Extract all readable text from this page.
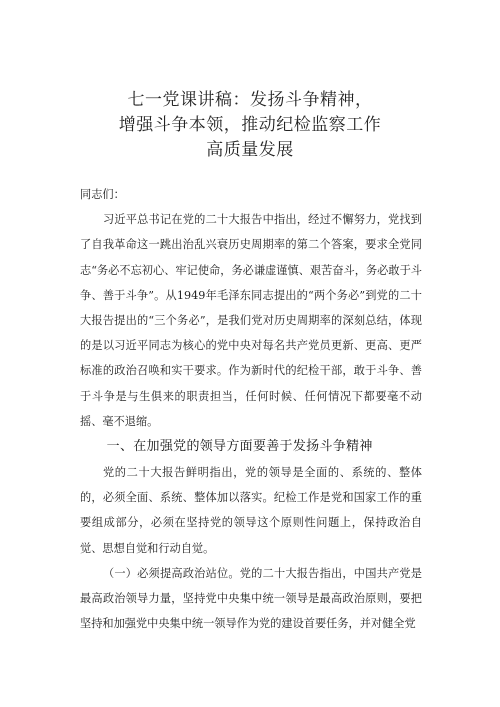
七一党课讲稿：发扬斗争精神，
增强斗争本领，推动纪检监察工作
高质量发展

同志们：

习近平总书记在党的二十大报告中指出，经过不懈努力，党找到了自我革命这一跳出治乱兴衰历史周期率的第二个答案，要求全党同志“务必不忘初心、牢记使命，务必谦虚谨慎、艰苦奋斗，务必敢于斗争、善于斗争”。从1949年毛泽东同志提出的“两个务必”到党的二十大报告提出的“三个务必”，是我们党对历史周期率的深刻总结，体现的是以习近平同志为核心的党中央对每名共产党员更新、更高、更严标准的政治召唤和实干要求。作为新时代的纪检干部，敢于斗争、善于斗争是与生俱来的职责担当，任何时候、任何情况下都要毫不动摇、毫不退缩。

一、在加强党的领导方面要善于发扬斗争精神

党的二十大报告鲜明指出，党的领导是全面的、系统的、整体的，必须全面、系统、整体加以落实。纪检工作是党和国家工作的重要组成部分，必须在坚持党的领导这个原则性问题上，保持政治自觉、思想自觉和行动自觉。

（一）必须提高政治站位。党的二十大报告指出，中国共产党是最高政治领导力量，坚持党中央集中统一领导是最高政治原则，要把坚持和加强党中央集中统一领导作为党的建设首要任务，并对健全党
